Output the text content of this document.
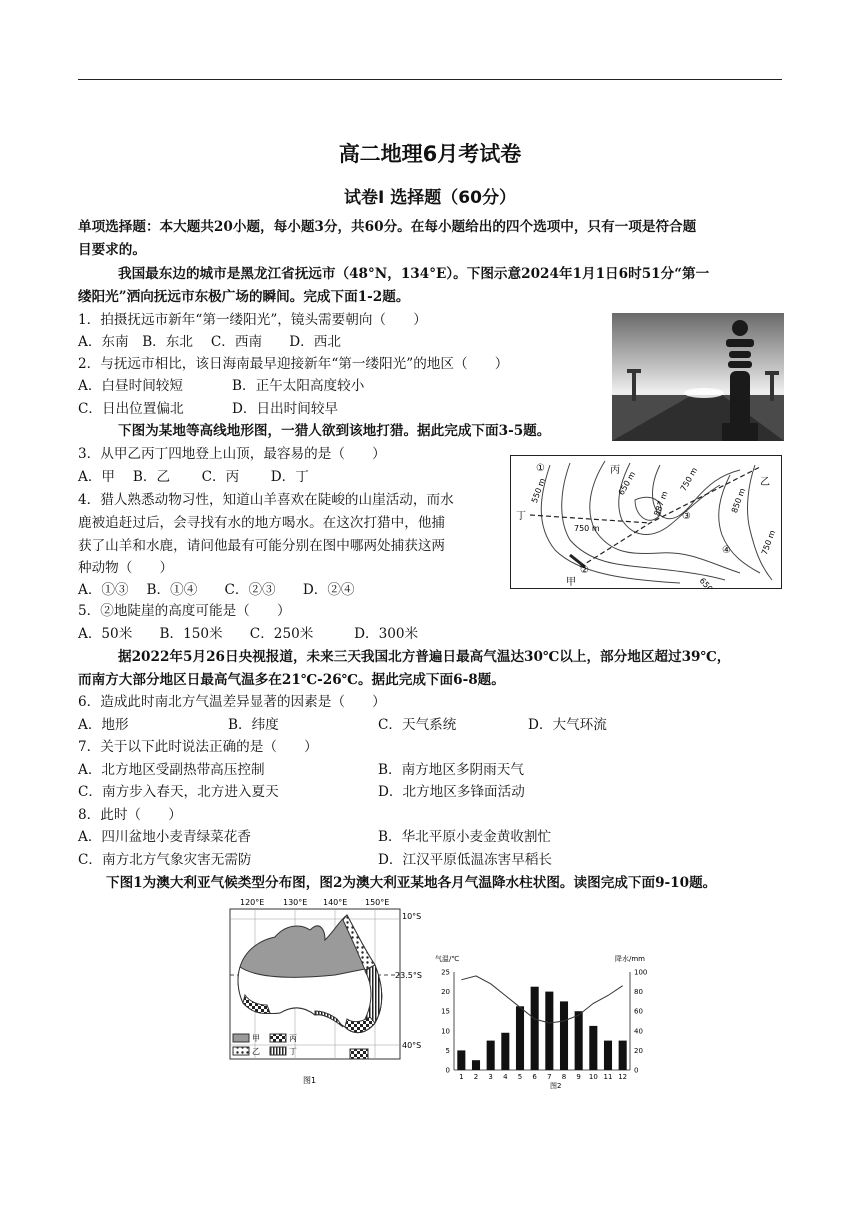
高二地理6月考试卷
试卷Ⅰ 选择题（60分）
单项选择题：本大题共20小题，每小题3分，共60分。在每小题给出的四个选项中，只有一项是符合题
目要求的。
我国最东边的城市是黑龙江省抚远市（48°N，134°E）。下图示意2024年1月1日6时51分“第一
缕阳光”洒向抚远市东极广场的瞬间。完成下面1-2题。
1．拍摄抚远市新年“第一缕阳光”，镜头需要朝向（　　）
A．东南　B．东北　 C．西南　　D．西北
2．与抚远市相比，该日海南最早迎接新年“第一缕阳光”的地区（　　）
A．白昼时间较短	B．正午太阳高度较小
C．日出位置偏北	D．日出时间较早
下图为某地等高线地形图，一猎人欲到该地打猎。据此完成下面3-5题。
3．从甲乙丙丁四地登上山顶，最容易的是（　　）
A．甲　 B．乙　　 C．丙　　 D．丁
4．猎人熟悉动物习性，知道山羊喜欢在陡峻的山崖活动，而水
鹿被追赶过后，会寻找有水的地方喝水。在这次打猎中，他捕
获了山羊和水鹿，请问他最有可能分别在图中哪两处捕获这两
种动物（　　）
A．①③　 B．①④　　C．②③　　D．②④
5．②地陡崖的高度可能是（　　）
A．50米　　B．150米　　C．250米　　　D．300米
①
②
③
④
丙
乙
丁
甲
550 m	650 m
750 m
887 m	850 m
750 m
650 m
750 m
据2022年5月26日央视报道，未来三天我国北方普遍日最高气温达30℃以上，部分地区超过39℃，
而南方大部分地区日最高气温多在21℃-26℃。据此完成下面6-8题。
6．造成此时南北方气温差异显著的因素是（　　）
A．地形	B．纬度	C．天气系统	D．大气环流
7．关于以下此时说法正确的是（　　）
A．北方地区受副热带高压控制	B．南方地区多阴雨天气
C．南方步入春天，北方进入夏天	D．北方地区多锋面活动
8．此时（　　）
A．四川盆地小麦青绿菜花香	B．华北平原小麦金黄收割忙
C．南方北方气象灾害无需防	D．江汉平原低温冻害早稻长
下图1为澳大利亚气候类型分布图，图2为澳大利亚某地各月气温降水柱状图。读图完成下面9-10题。
120°E 130°E 140°E 150°E
10°S
23.5°S
40°S
甲	丙
乙	丁
图1
气温/℃	降水/mm
25
20
15
10
5
0
100
80
60
40
20
0
1 2 3 4 5 6 7 8 9 10 11 12
图2
